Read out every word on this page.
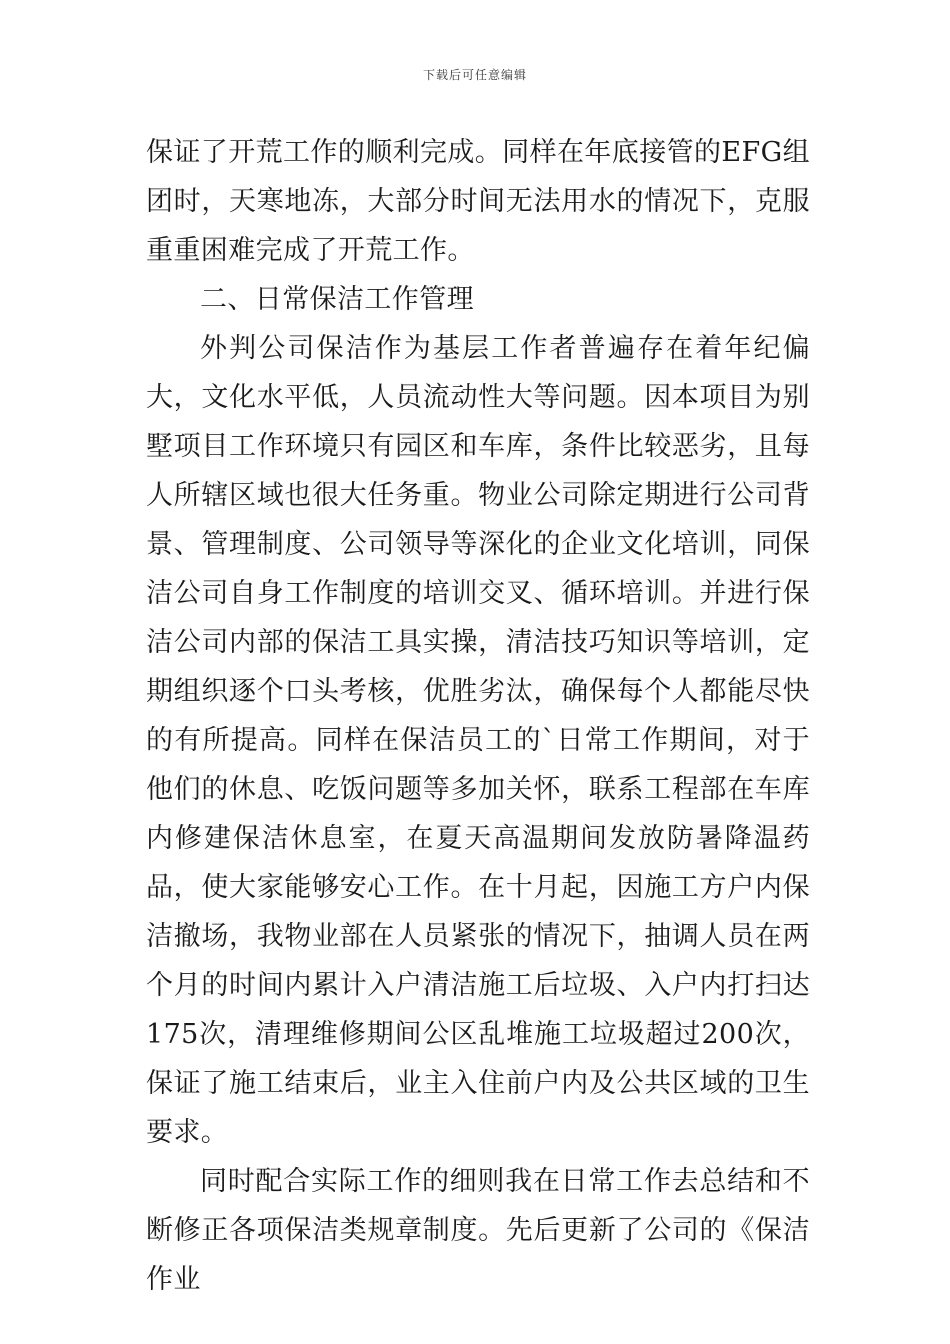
下载后可任意编辑

保证了开荒工作的顺利完成。同样在年底接管的EFG组团时，天寒地冻，大部分时间无法用水的情况下，克服重重困难完成了开荒工作。

二、日常保洁工作管理

外判公司保洁作为基层工作者普遍存在着年纪偏大，文化水平低，人员流动性大等问题。因本项目为别墅项目工作环境只有园区和车库，条件比较恶劣，且每人所辖区域也很大任务重。物业公司除定期进行公司背景、管理制度、公司领导等深化的企业文化培训，同保洁公司自身工作制度的培训交叉、循环培训。并进行保洁公司内部的保洁工具实操，清洁技巧知识等培训，定期组织逐个口头考核，优胜劣汰，确保每个人都能尽快的有所提高。同样在保洁员工的`日常工作期间，对于他们的休息、吃饭问题等多加关怀，联系工程部在车库内修建保洁休息室，在夏天高温期间发放防暑降温药品，使大家能够安心工作。在十月起，因施工方户内保洁撤场，我物业部在人员紧张的情况下，抽调人员在两个月的时间内累计入户清洁施工后垃圾、入户内打扫达175次，清理维修期间公区乱堆施工垃圾超过200次，保证了施工结束后，业主入住前户内及公共区域的卫生要求。

同时配合实际工作的细则我在日常工作去总结和不断修正各项保洁类规章制度。先后更新了公司的《保洁作业
